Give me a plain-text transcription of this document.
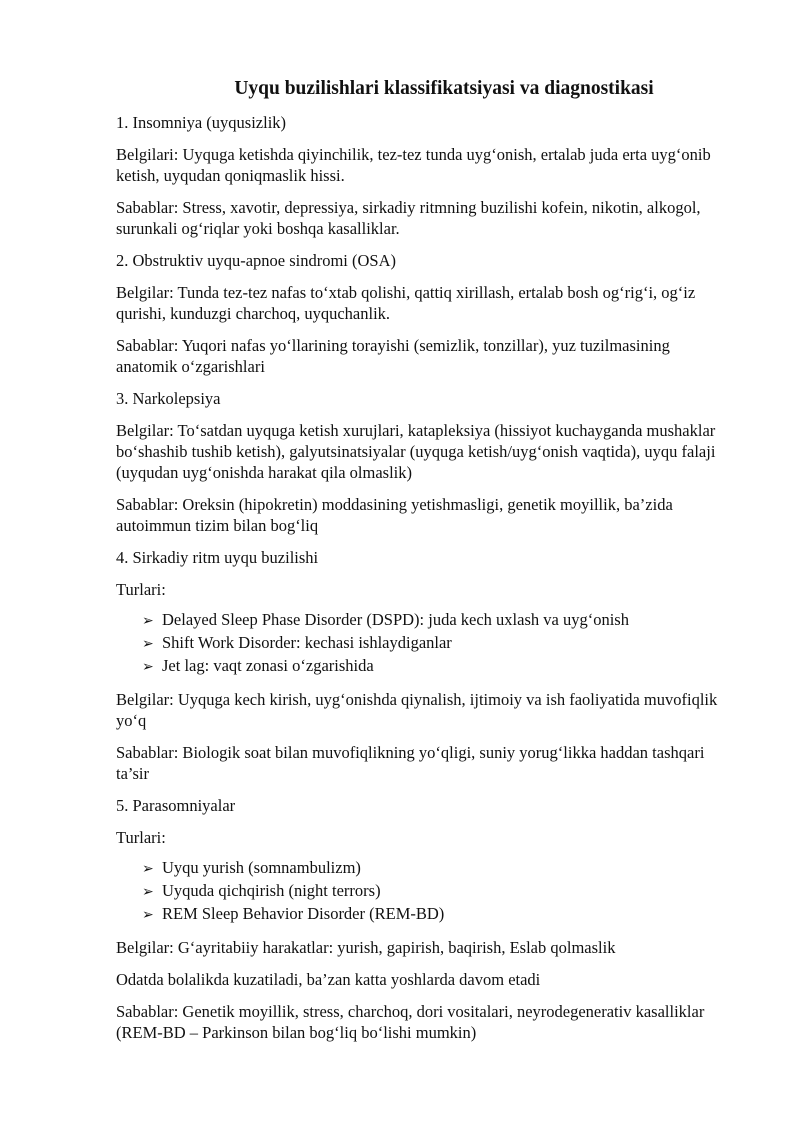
Uyqu buzilishlari klassifikatsiyasi va diagnostikasi

1. Insomniya (uyqusizlik)

Belgilari: Uyquga ketishda qiyinchilik, tez-tez tunda uyg‘onish, ertalab juda erta uyg‘onib ketish, uyqudan qoniqmaslik hissi.

Sabablar: Stress, xavotir, depressiya, sirkadiy ritmning buzilishi kofein, nikotin, alkogol, surunkali og‘riqlar yoki boshqa kasalliklar.

2. Obstruktiv uyqu-apnoe sindromi (OSA)

Belgilar: Tunda tez-tez nafas to‘xtab qolishi, qattiq xirillash, ertalab bosh og‘rig‘i, og‘iz qurishi, kunduzgi charchoq, uyquchanlik.

Sabablar: Yuqori nafas yo‘llarining torayishi (semizlik, tonzillar), yuz tuzilmasining anatomik o‘zgarishlari

3. Narkolepsiya

Belgilar: To‘satdan uyquga ketish xurujlari, katapleksiya (hissiyot kuchayganda mushaklar bo‘shashib tushib ketish), galyutsinatsiyalar (uyquga ketish/uyg‘onish vaqtida), uyqu falaji (uyqudan uyg‘onishda harakat qila olmaslik)

Sabablar: Oreksin (hipokretin) moddasining yetishmasligi, genetik moyillik, ba’zida autoimmun tizim bilan bog‘liq

4. Sirkadiy ritm uyqu buzilishi

Turlari:

➢ Delayed Sleep Phase Disorder (DSPD): juda kech uxlash va uyg‘onish
➢ Shift Work Disorder: kechasi ishlaydiganlar
➢ Jet lag: vaqt zonasi o‘zgarishida

Belgilar: Uyquga kech kirish, uyg‘onishda qiynalish, ijtimoiy va ish faoliyatida muvofiqlik yo‘q

Sabablar: Biologik soat bilan muvofiqlikning yo‘qligi, suniy yorug‘likka haddan tashqari ta’sir

5. Parasomniyalar

Turlari:

➢ Uyqu yurish (somnambulizm)
➢ Uyquda qichqirish (night terrors)
➢ REM Sleep Behavior Disorder (REM-BD)

Belgilar: G‘ayritabiiy harakatlar: yurish, gapirish, baqirish, Eslab qolmaslik

Odatda bolalikda kuzatiladi, ba’zan katta yoshlarda davom etadi

Sabablar: Genetik moyillik, stress, charchoq, dori vositalari, neyrodegenerativ kasalliklar (REM-BD – Parkinson bilan bog‘liq bo‘lishi mumkin)
